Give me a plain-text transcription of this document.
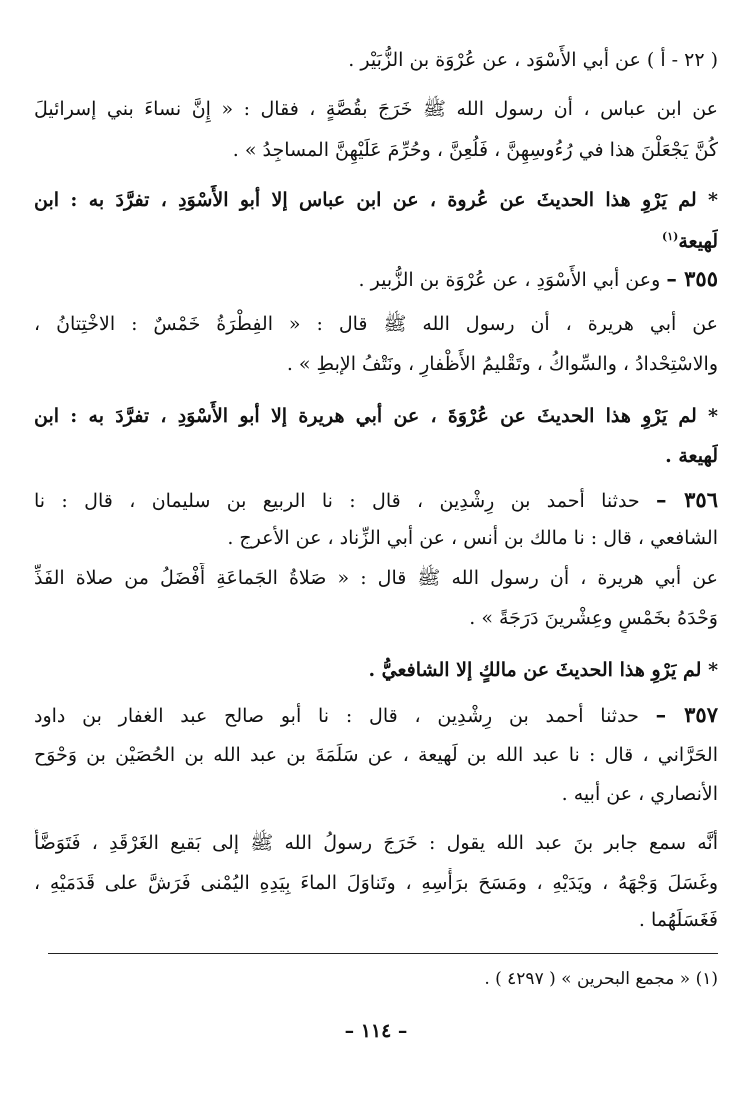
( ٢٢ - أ ) عن أبي الأَسْوَد ، عن عُرْوَة بن الزُّبَيْر .
عن ابن عباس ، أن رسول الله ﷺ خَرَجَ بقُصَّةٍ ، فقال : « إِنَّ نساءَ بني إسرائيلَ
كُنَّ يَجْعَلْنَ هذا في رُءُوسِهِنَّ ، فَلُعِنَّ ، وحُرِّمَ عَلَيْهِنَّ المساجِدُ » .
* لم يَرْوِ هذا الحديثَ عن عُروة ، عن ابن عباس إلا أبو الأَسْوَدِ ، تفرَّدَ به : ابن
لَهيعة$^{(١)}$
٣٥٥ – وعن أبي الأَسْوَدِ ، عن عُرْوَة بن الزُّبير .
عن أبي هريرة ، أن رسول الله ﷺ قال : « الفِطْرَةُ خَمْسٌ : الاخْتِتانُ ،
والاسْتِحْدادُ ، والسِّواكُ ، وتَقْليمُ الأَظْفارِ ، ونَتْفُ الإبطِ » .
* لم يَرْوِ هذا الحديثَ عن عُرْوَةَ ، عن أبي هريرة إلا أبو الأَسْوَدِ ، تفرَّدَ به : ابن
لَهيعة .
٣٥٦ – حدثنا أحمد بن رِشْدِين ، قال : نا الربيع بن سليمان ، قال : نا
الشافعي ، قال : نا مالك بن أنس ، عن أبي الزِّناد ، عن الأعرج .
عن أبي هريرة ، أن رسول الله ﷺ قال : « صَلاةُ الجَماعَةِ أَفْضَلُ من صلاة الفَذِّ
وَحْدَهُ بخَمْسٍ وعِشْرينَ دَرَجَةً » .
* لم يَرْوِ هذا الحديثَ عن مالكٍ إلا الشافعيُّ .
٣٥٧ – حدثنا أحمد بن رِشْدِين ، قال : نا أبو صالح عبد الغفار بن داود
الحَرَّاني ، قال : نا عبد الله بن لَهيعة ، عن سَلَمَةَ بن عبد الله بن الحُصَيْن بن وَحْوَح
الأنصاري ، عن أبيه .
أنَّه سمع جابر بنَ عبد الله يقول : خَرَجَ رسولُ الله ﷺ إلى بَقيع الغَرْقَدِ ، فَتَوَضَّأَ
وغَسَلَ وَجْهَهُ ، ويَدَيْهِ ، ومَسَحَ برَأْسِهِ ، وتَناوَلَ الماءَ بِيَدِهِ اليُمْنى فَرَشَّ على قَدَمَيْهِ ،
فَغَسَلَهُما .
(١) « مجمع البحرين » ( ٤٢٩٧ ) .
– ١١٤ –
